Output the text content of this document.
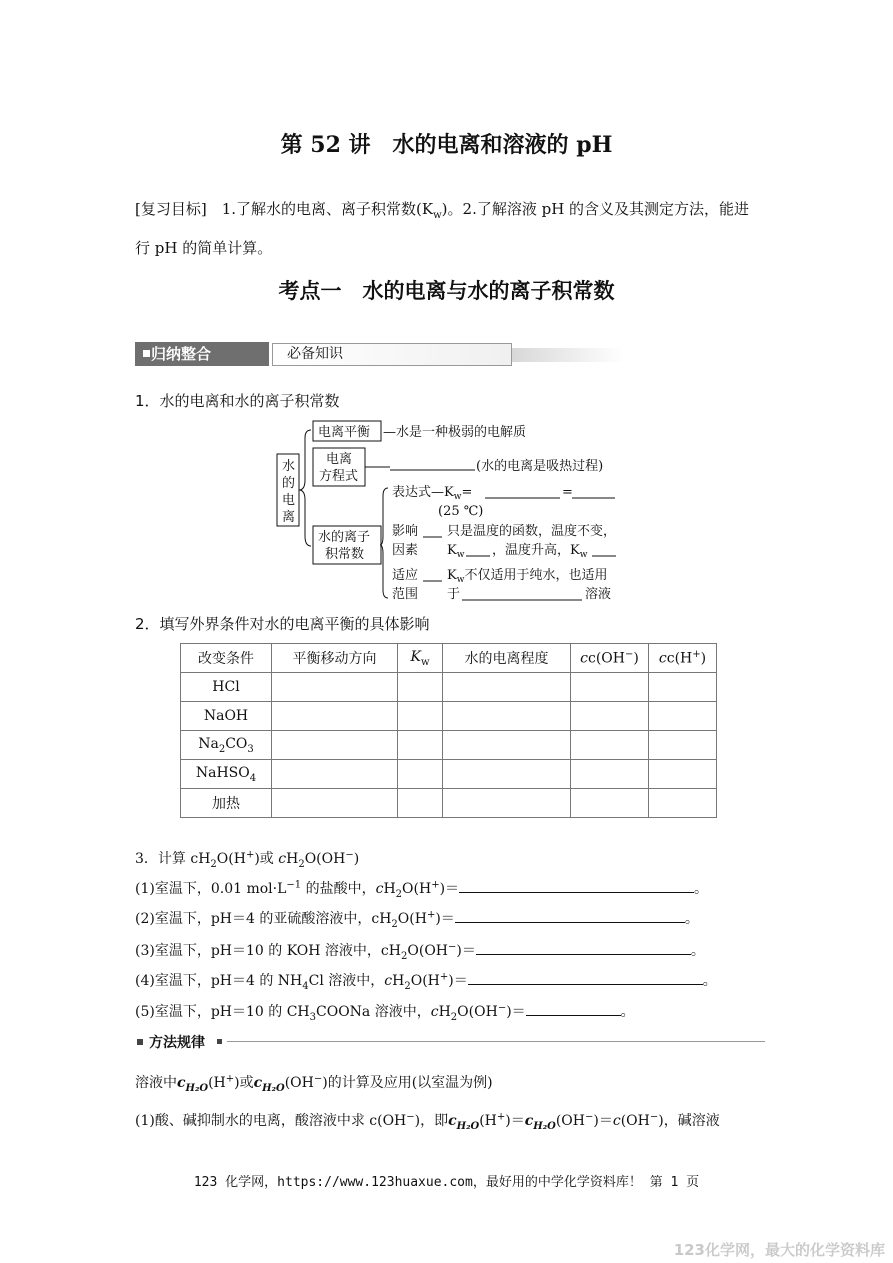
第 52 讲　水的电离和溶液的 pH
[复习目标]　 1.了解水的电离、离子积常数$(K_w)$。2.了解溶液 pH 的含义及其测定方法，能进
行 pH 的简单计算。
考点一　水的电离与水的离子积常数
归纳整合	必备知识
1．水的电离和水的离子积常数
水
的
电
离
电离平衡 —水是一种极弱的电解质
电离
方程式
(水的电离是吸热过程)
水的离子
积常数
表达式$—K_w=$	=
(25 ℃)
影响
因素
只是温度的函数，温度不变，
$K_w$ ，温度升高，$K_w$
适应
范围
$K_w$不仅适用于纯水，也适用
于	溶液
2．填写外界条件对水的电离平衡的具体影响
改变条件	平衡移动方向	$K_w$	水的电离程度	cc(OH−)	cc(H+)
HCl					
NaOH					
$Na_2CO_3$					
NaHSO$_4$					
加热					
3．计算 $cH_2O(H^+)$或 $cH_2O(OH^-)$
(1)室温下，0.01 $mol\cdot L^{-1}$ 的盐酸中，$cH_2O(H^+)=$	。
(2)室温下，pH＝4 的亚硫酸溶液中，$cH_2O(H^+)=$	。
(3)室温下，pH＝10 的 KOH 溶液中，$cH_2O(OH^-)=$	。
(4)室温下，pH＝4 的 $NH_4Cl$ 溶液中，$cH_2O(H^+)=$	。
(5)室温下，pH＝10 的 $CH_3COONa$ 溶液中，$cH_2O(OH^-)=$	。
方法规律
溶液中$c_{H_2O}(H^+)$或$c_{H_2O}(OH^-)$的计算及应用(以室温为例)
(1)酸、碱抑制水的电离，酸溶液中求 c(OH−)，即$c_{H_2O}(H^+)=c_{H_2O}(OH^-)=c(OH^-)$，碱溶液
123 化学网，https://www.123huaxue.com，最好用的中学化学资料库！ 第 1 页
123化学网，最大的化学资料库
